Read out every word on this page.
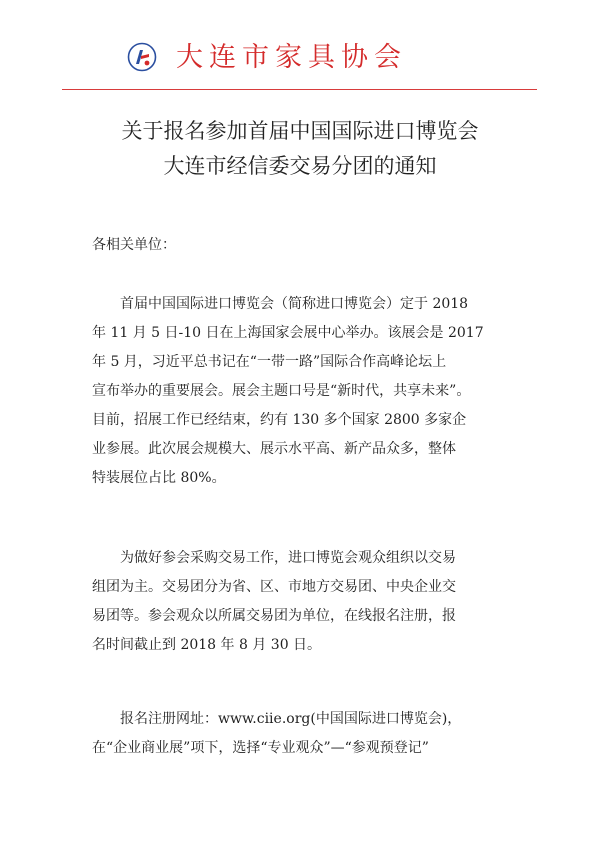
大连市家具协会
关于报名参加首届中国国际进口博览会
大连市经信委交易分团的通知
各相关单位：
首届中国国际进口博览会（简称进口博览会）定于 2018
年 11 月 5 日-10 日在上海国家会展中心举办。该展会是 2017
年 5 月，习近平总书记在“一带一路”国际合作高峰论坛上
宣布举办的重要展会。展会主题口号是“新时代，共享未来”。
目前，招展工作已经结束，约有 130 多个国家 2800 多家企
业参展。此次展会规模大、展示水平高、新产品众多，整体
特装展位占比 80%。
为做好参会采购交易工作，进口博览会观众组织以交易
组团为主。交易团分为省、区、市地方交易团、中央企业交
易团等。参会观众以所属交易团为单位，在线报名注册，报
名时间截止到 2018 年 8 月 30 日。
报名注册网址：www.ciie.org(中国国际进口博览会)，
在“企业商业展”项下，选择“专业观众”—“参观预登记”
